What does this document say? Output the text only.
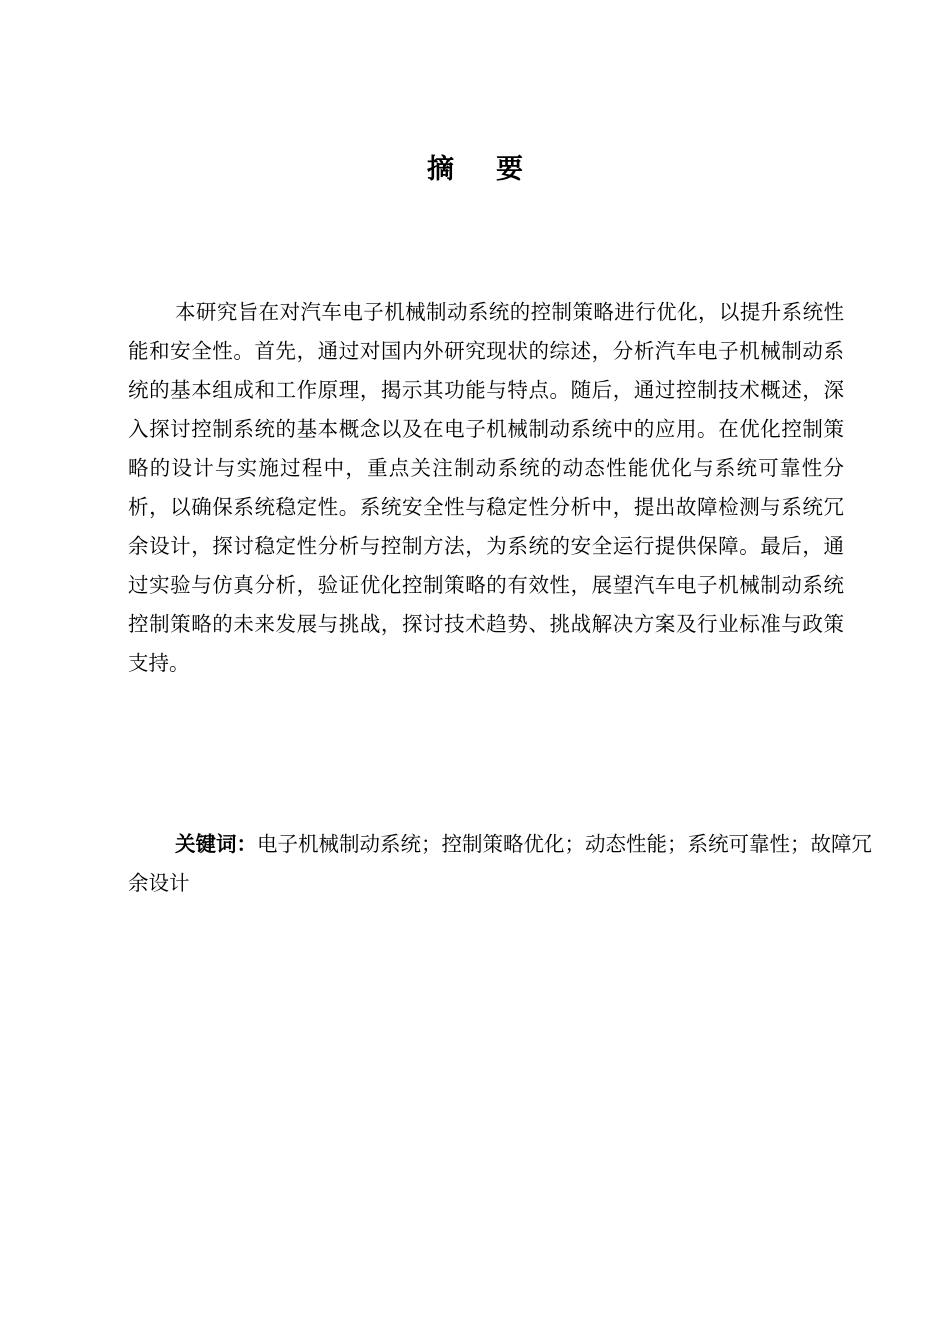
摘 要

本研究旨在对汽车电子机械制动系统的控制策略进行优化，以提升系统性能和安全性。首先，通过对国内外研究现状的综述，分析汽车电子机械制动系统的基本组成和工作原理，揭示其功能与特点。随后，通过控制技术概述，深入探讨控制系统的基本概念以及在电子机械制动系统中的应用。在优化控制策略的设计与实施过程中，重点关注制动系统的动态性能优化与系统可靠性分析，以确保系统稳定性。系统安全性与稳定性分析中，提出故障检测与系统冗余设计，探讨稳定性分析与控制方法，为系统的安全运行提供保障。最后，通过实验与仿真分析，验证优化控制策略的有效性，展望汽车电子机械制动系统控制策略的未来发展与挑战，探讨技术趋势、挑战解决方案及行业标准与政策支持。

关键词：电子机械制动系统；控制策略优化；动态性能；系统可靠性；故障冗余设计
